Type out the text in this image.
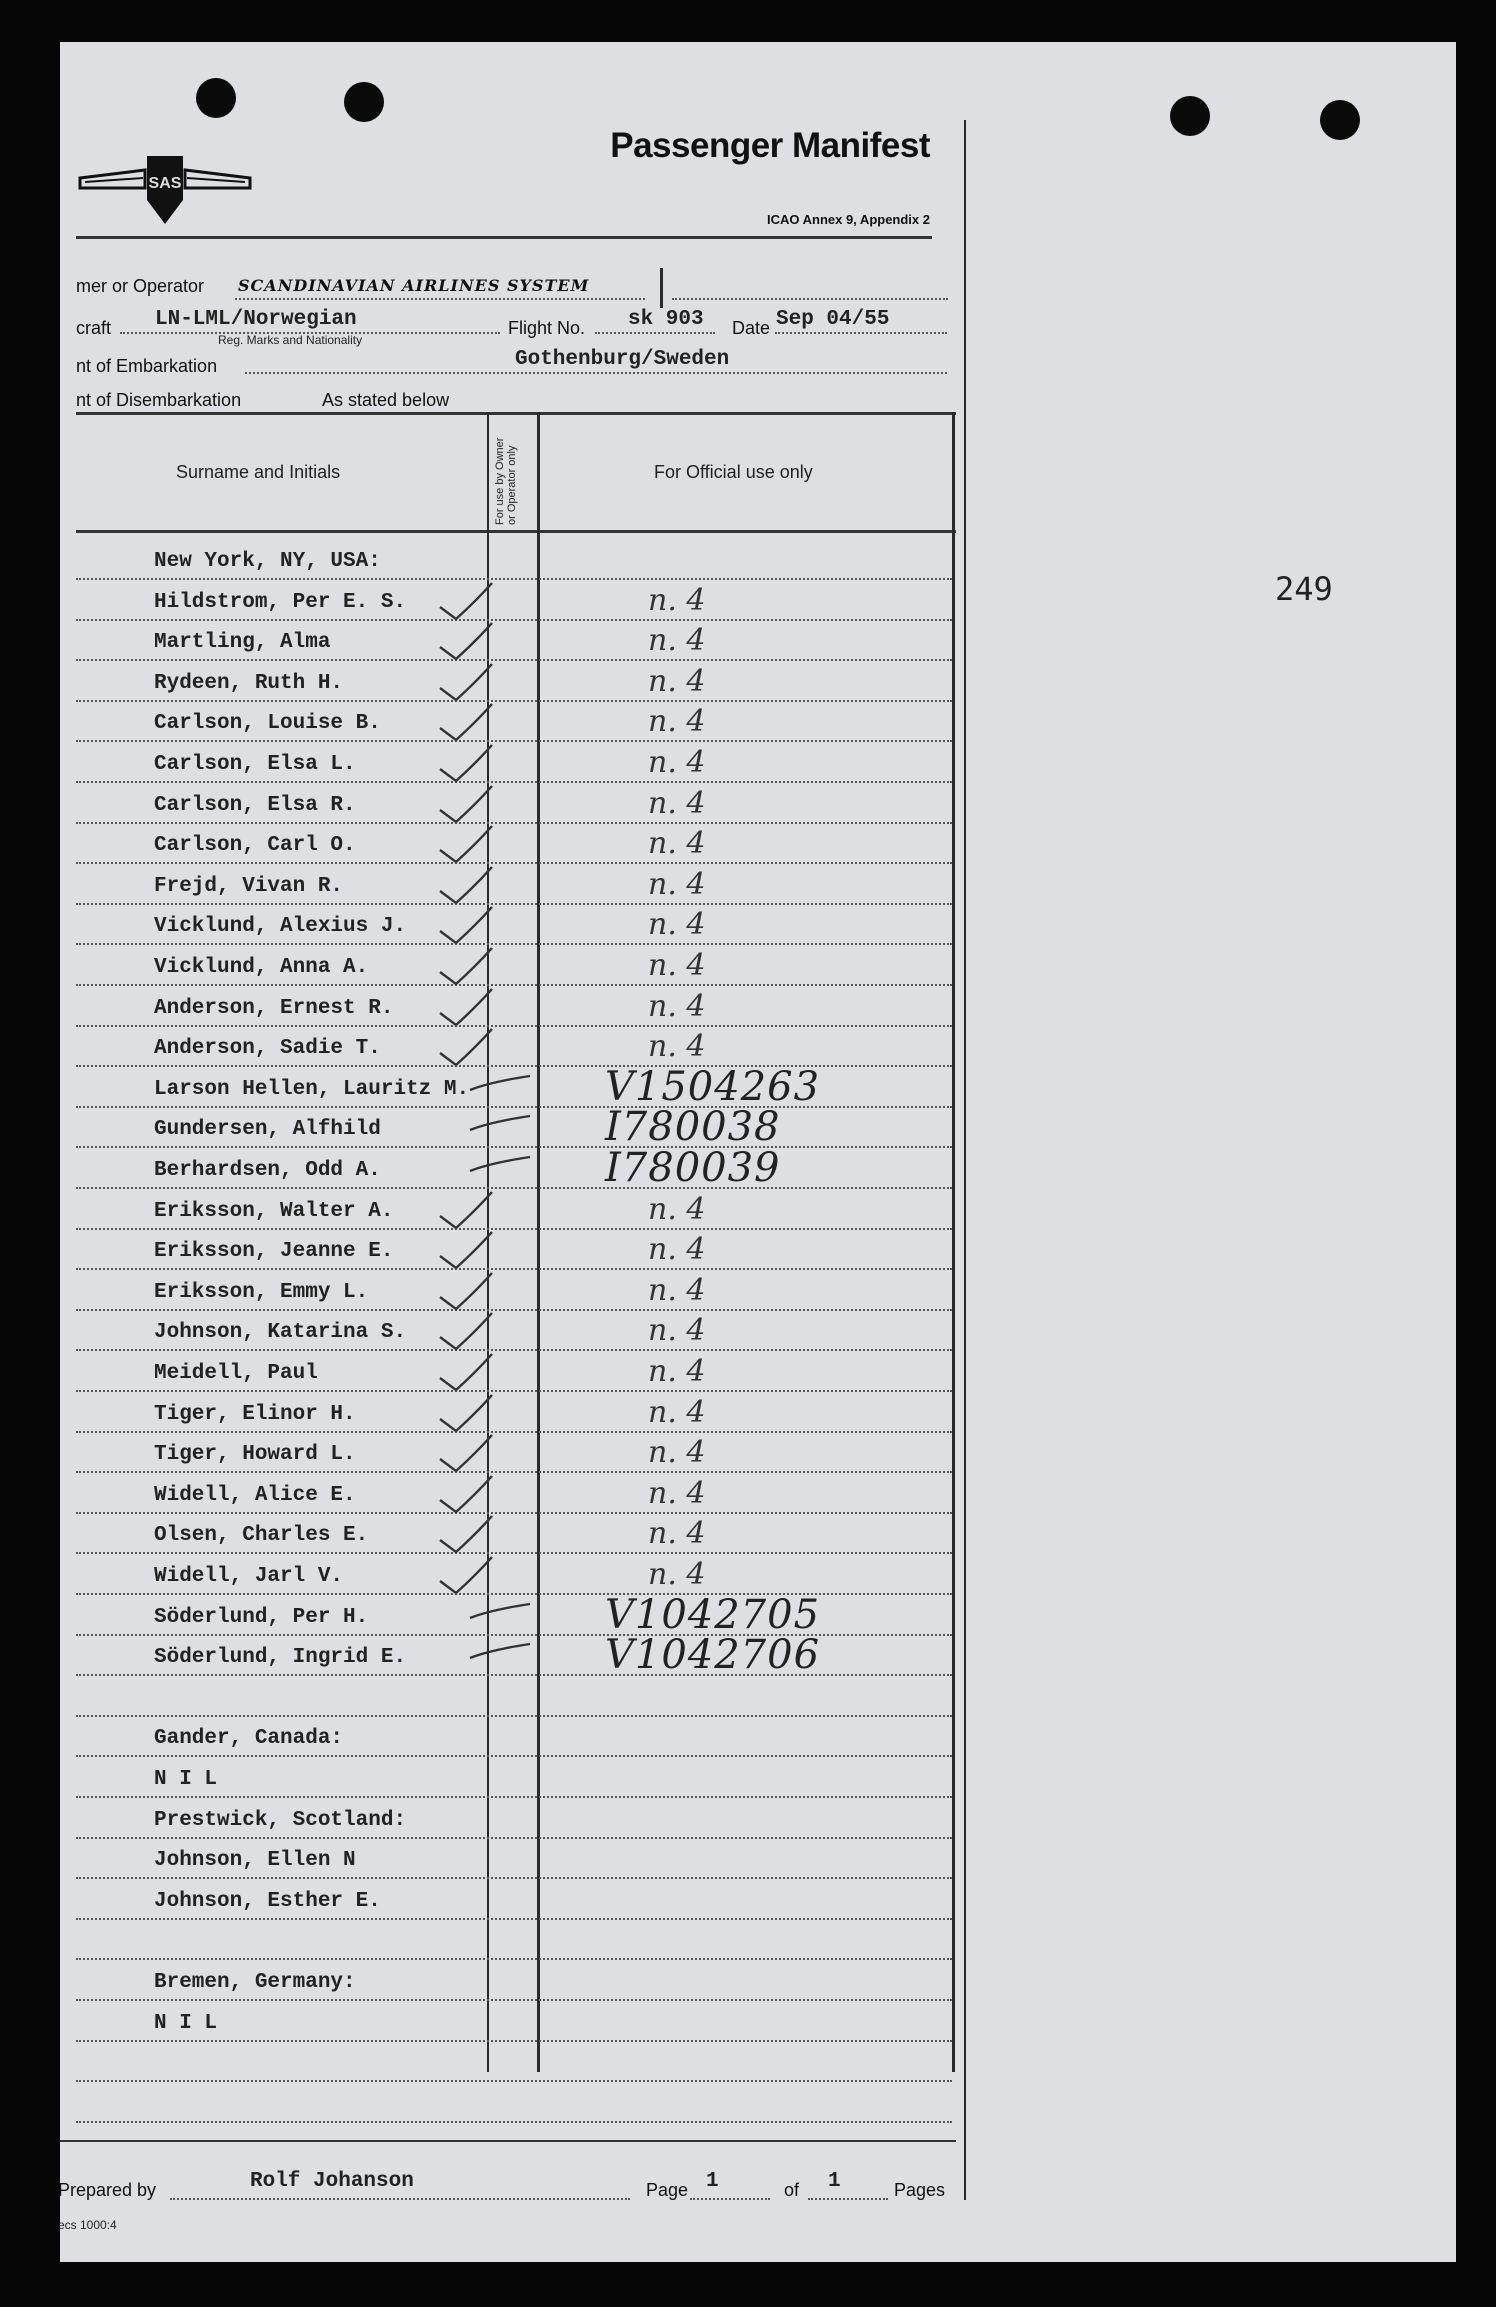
SAS
Passenger Manifest
ICAO Annex 9, Appendix 2
mer or Operator SCANDINAVIAN AIRLINES SYSTEM
craft LN-LML/Norwegian
Reg. Marks and Nationality
Flight No. sk 903 Date Sep 04/55
nt of Embarkation	Gothenburg/Sweden
nt of Disembarkation	As stated below
Surname and Initials	For use by Owner or Operator only	For Official use only
249
New York, NY, USA:
Hildstrom, Per E. S.	n. 4
Martling, Alma	n. 4
Rydeen, Ruth H.	n. 4
Carlson, Louise B.	n. 4
Carlson, Elsa L.	n. 4
Carlson, Elsa R.	n. 4
Carlson, Carl O.	n. 4
Frejd, Vivan R.	n. 4
Vicklund, Alexius J.	n. 4
Vicklund, Anna A.	n. 4
Anderson, Ernest R.	n. 4
Anderson, Sadie T.	n. 4
Larson Hellen, Lauritz M.	V1504263
Gundersen, Alfhild	I780038
Berhardsen, Odd A.	I780039
Eriksson, Walter A.	n. 4
Eriksson, Jeanne E.	n. 4
Eriksson, Emmy L.	n. 4
Johnson, Katarina S.	n. 4
Meidell, Paul	n. 4
Tiger, Elinor H.	n. 4
Tiger, Howard L.	n. 4
Widell, Alice E.	n. 4
Olsen, Charles E.	n. 4
Widell, Jarl V.	n. 4
Söderlund, Per H.	V1042705
Söderlund, Ingrid E.	V1042706
Gander, Canada:
N I L
Prestwick, Scotland:
Johnson, Ellen N
Johnson, Esther E.
Bremen, Germany:
N I L
Prepared by	Rolf Johanson	Page 1	of 1	Pages
ecs 1000:4
